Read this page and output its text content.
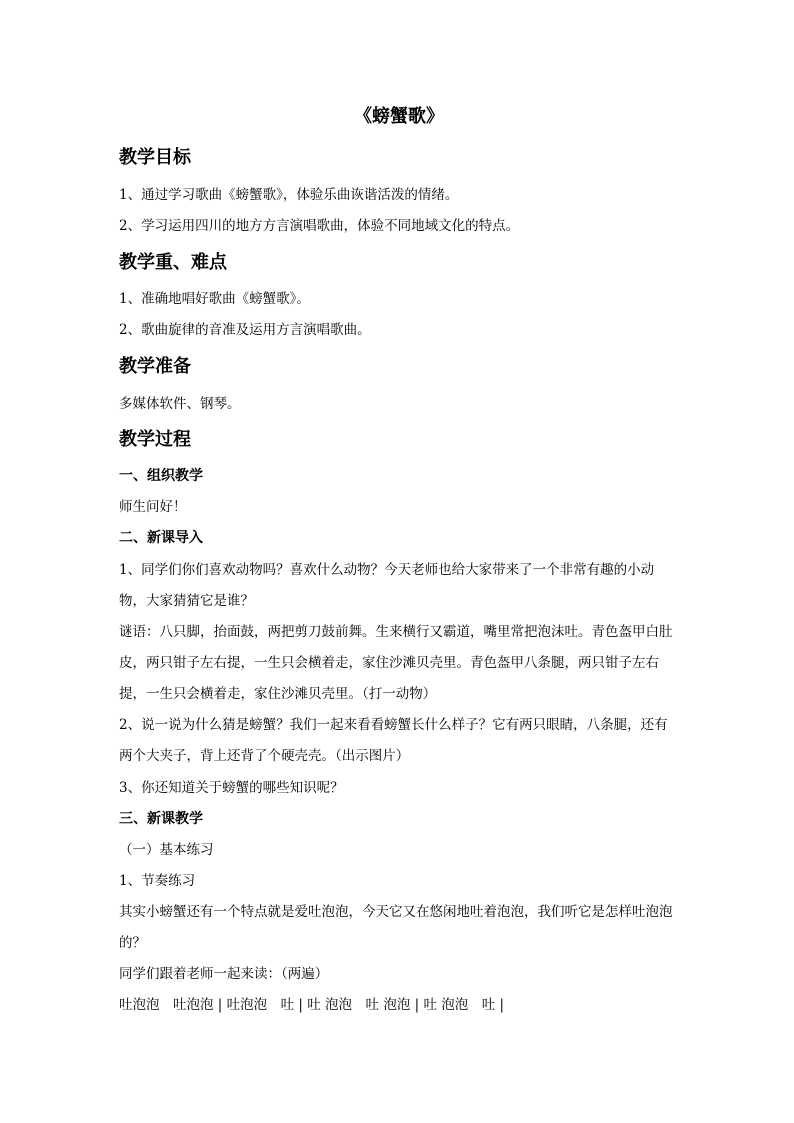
《螃蟹歌》
教学目标
1、通过学习歌曲《螃蟹歌》，体验乐曲诙谐活泼的情绪。
2、学习运用四川的地方方言演唱歌曲，体验不同地域文化的特点。
教学重、难点
1、准确地唱好歌曲《螃蟹歌》。
2、歌曲旋律的音准及运用方言演唱歌曲。
教学准备
多媒体软件、钢琴。
教学过程
一、组织教学
师生问好！
二、新课导入
1、同学们你们喜欢动物吗？喜欢什么动物？今天老师也给大家带来了一个非常有趣的小动物，大家猜猜它是谁？
谜语：八只脚，抬面鼓，两把剪刀鼓前舞。生来横行又霸道，嘴里常把泡沫吐。青色盔甲白肚皮，两只钳子左右提，一生只会横着走，家住沙滩贝壳里。青色盔甲八条腿，两只钳子左右提，一生只会横着走，家住沙滩贝壳里。（打一动物）
2、说一说为什么猜是螃蟹？我们一起来看看螃蟹长什么样子？它有两只眼睛，八条腿，还有两个大夹子，背上还背了个硬壳壳。（出示图片）
3、你还知道关于螃蟹的哪些知识呢？
三、新课教学
（一）基本练习
1、节奏练习
其实小螃蟹还有一个特点就是爱吐泡泡，今天它又在悠闲地吐着泡泡，我们听它是怎样吐泡泡的？
同学们跟着老师一起来读：（两遍）
吐泡泡　吐泡泡 | 吐泡泡　吐 | 吐 泡泡　吐 泡泡 | 吐 泡泡　吐 |
